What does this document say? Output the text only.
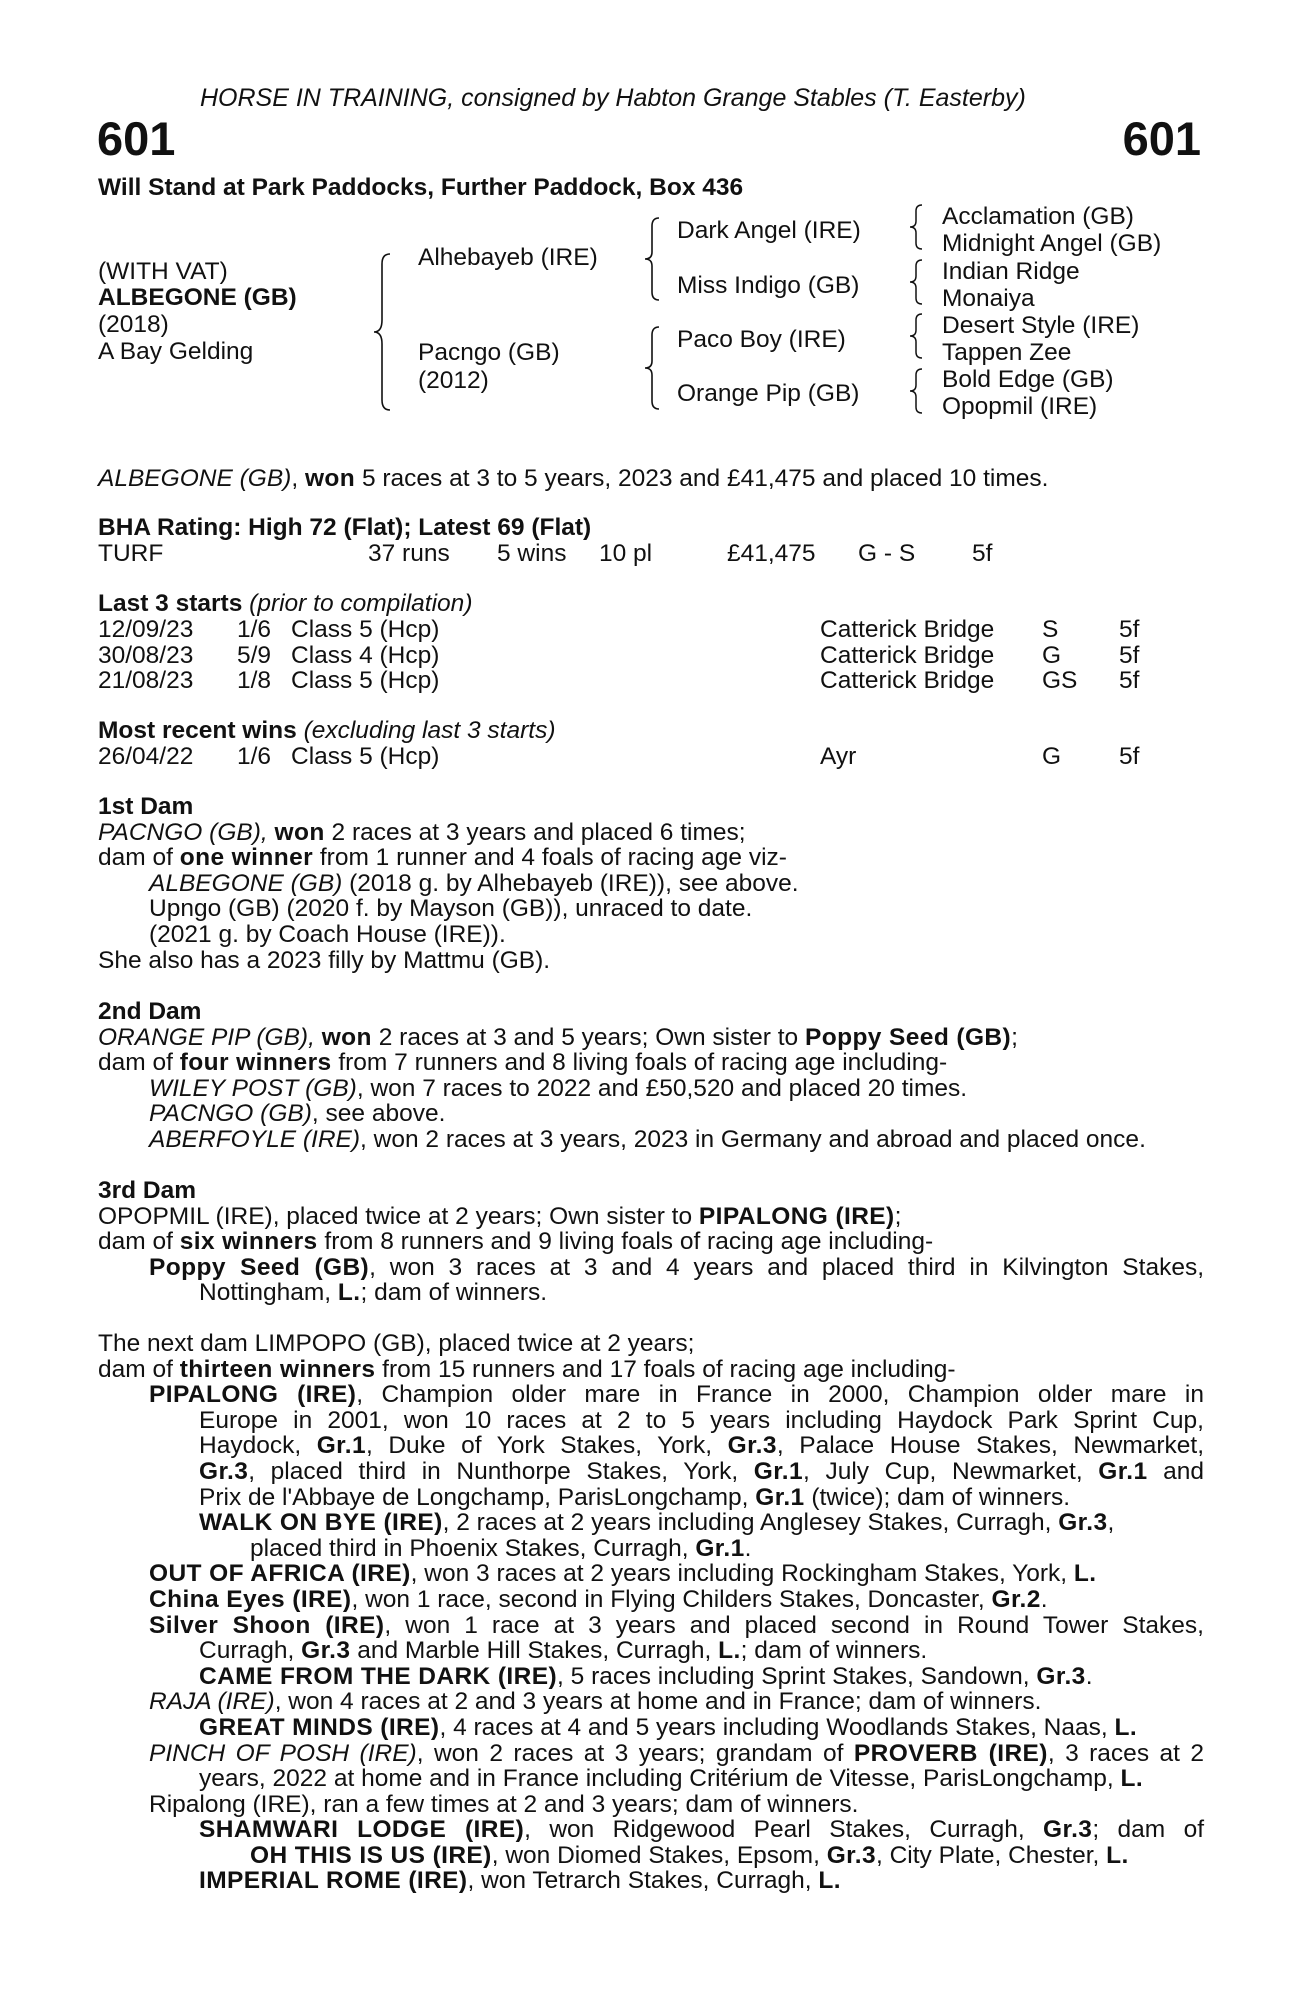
HORSE IN TRAINING, consigned by Habton Grange Stables (T. Easterby)
601	601
Will Stand at Park Paddocks, Further Paddock, Box 436
(WITH VAT)
ALBEGONE (GB)
(2018)
A Bay Gelding
Alhebayeb (IRE)
Pacngo (GB)
(2012)
Dark Angel (IRE)
Miss Indigo (GB)
Paco Boy (IRE)
Orange Pip (GB)
Acclamation (GB)
Midnight Angel (GB)
Indian Ridge
Monaiya
Desert Style (IRE)
Tappen Zee
Bold Edge (GB)
Opopmil (IRE)
ALBEGONE (GB), won 5 races at 3 to 5 years, 2023 and £41,475 and placed 10 times.
BHA Rating: High 72 (Flat); Latest 69 (Flat)
TURF	37 runs 5 wins 10 pl	£41,475 G - S 5f
Last 3 starts (prior to compilation)
12/09/23 1/6 Class 5 (Hcp)	Catterick Bridge S 5f
30/08/23 5/9 Class 4 (Hcp)	Catterick Bridge G 5f
21/08/23 1/8 Class 5 (Hcp)	Catterick Bridge GS 5f
Most recent wins (excluding last 3 starts)
26/04/22 1/6 Class 5 (Hcp)	Ayr	G 5f
1st Dam
PACNGO (GB), won 2 races at 3 years and placed 6 times;
dam of one winner from 1 runner and 4 foals of racing age viz-
ALBEGONE (GB) (2018 g. by Alhebayeb (IRE)), see above.
Upngo (GB) (2020 f. by Mayson (GB)), unraced to date.
(2021 g. by Coach House (IRE)).
She also has a 2023 filly by Mattmu (GB).
2nd Dam
ORANGE PIP (GB), won 2 races at 3 and 5 years; Own sister to Poppy Seed (GB);
dam of four winners from 7 runners and 8 living foals of racing age including-
WILEY POST (GB), won 7 races to 2022 and £50,520 and placed 20 times.
PACNGO (GB), see above.
ABERFOYLE (IRE), won 2 races at 3 years, 2023 in Germany and abroad and placed once.
3rd Dam
OPOPMIL (IRE), placed twice at 2 years; Own sister to PIPALONG (IRE);
dam of six winners from 8 runners and 9 living foals of racing age including-
Poppy Seed (GB), won 3 races at 3 and 4 years and placed third in Kilvington Stakes,
Nottingham, L.; dam of winners.
The next dam LIMPOPO (GB), placed twice at 2 years;
dam of thirteen winners from 15 runners and 17 foals of racing age including-
PIPALONG (IRE), Champion older mare in France in 2000, Champion older mare in
Europe in 2001, won 10 races at 2 to 5 years including Haydock Park Sprint Cup,
Haydock, Gr.1, Duke of York Stakes, York, Gr.3, Palace House Stakes, Newmarket,
Gr.3, placed third in Nunthorpe Stakes, York, Gr.1, July Cup, Newmarket, Gr.1 and
Prix de l'Abbaye de Longchamp, ParisLongchamp, Gr.1 (twice); dam of winners.
WALK ON BYE (IRE), 2 races at 2 years including Anglesey Stakes, Curragh, Gr.3,
placed third in Phoenix Stakes, Curragh, Gr.1.
OUT OF AFRICA (IRE), won 3 races at 2 years including Rockingham Stakes, York, L.
China Eyes (IRE), won 1 race, second in Flying Childers Stakes, Doncaster, Gr.2.
Silver Shoon (IRE), won 1 race at 3 years and placed second in Round Tower Stakes,
Curragh, Gr.3 and Marble Hill Stakes, Curragh, L.; dam of winners.
CAME FROM THE DARK (IRE), 5 races including Sprint Stakes, Sandown, Gr.3.
RAJA (IRE), won 4 races at 2 and 3 years at home and in France; dam of winners.
GREAT MINDS (IRE), 4 races at 4 and 5 years including Woodlands Stakes, Naas, L.
PINCH OF POSH (IRE), won 2 races at 3 years; grandam of PROVERB (IRE), 3 races at 2
years, 2022 at home and in France including Critérium de Vitesse, ParisLongchamp, L.
Ripalong (IRE), ran a few times at 2 and 3 years; dam of winners.
SHAMWARI LODGE (IRE), won Ridgewood Pearl Stakes, Curragh, Gr.3; dam of
OH THIS IS US (IRE), won Diomed Stakes, Epsom, Gr.3, City Plate, Chester, L.
IMPERIAL ROME (IRE), won Tetrarch Stakes, Curragh, L.
